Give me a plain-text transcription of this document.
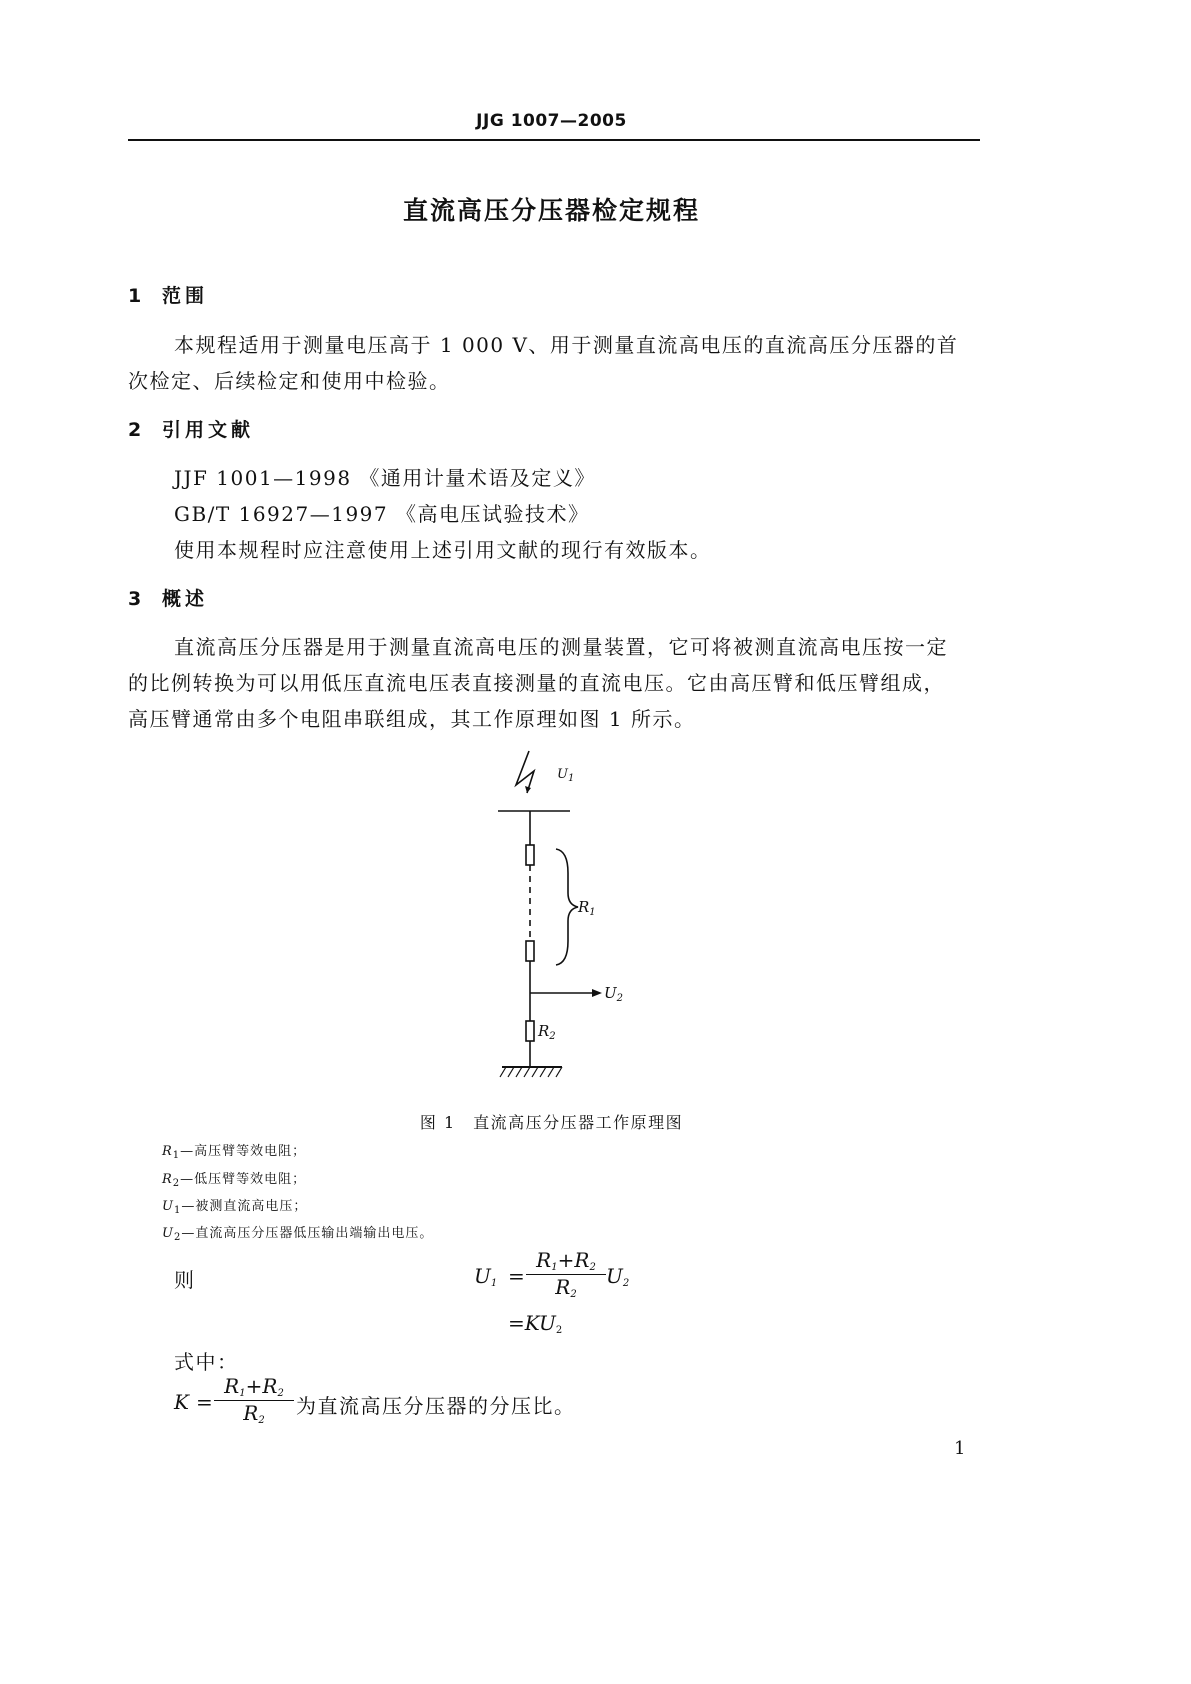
JJG 1007—2005
直流高压分压器检定规程
1 范围
本规程适用于测量电压高于 1 000 V、用于测量直流高电压的直流高压分压器的首
次检定、后续检定和使用中检验。
2 引用文献
JJF 1001—1998 《通用计量术语及定义》
GB/T 16927—1997 《高电压试验技术》
使用本规程时应注意使用上述引用文献的现行有效版本。
3 概述
直流高压分压器是用于测量直流高电压的测量装置，它可将被测直流高电压按一定
的比例转换为可以用低压直流电压表直接测量的直流电压。它由高压臂和低压臂组成，
高压臂通常由多个电阻串联组成，其工作原理如图 1 所示。
$U_1$
$R_1$
$U_2$
$R_2$
图 1　直流高压分压器工作原理图
$R_1—$高压臂等效电阻；
$R_2—$低压臂等效电阻；
$U_1—$被测直流高电压；
$U_2—$直流高压分压器低压输出端输出电压。
则	$U_1$ =
$R_1+R_2$
$R_2$
$U_2$
$=KU_2$
式中：
K =
$R_1+R_2$
$R_2$
为直流高压分压器的分压比。
1
